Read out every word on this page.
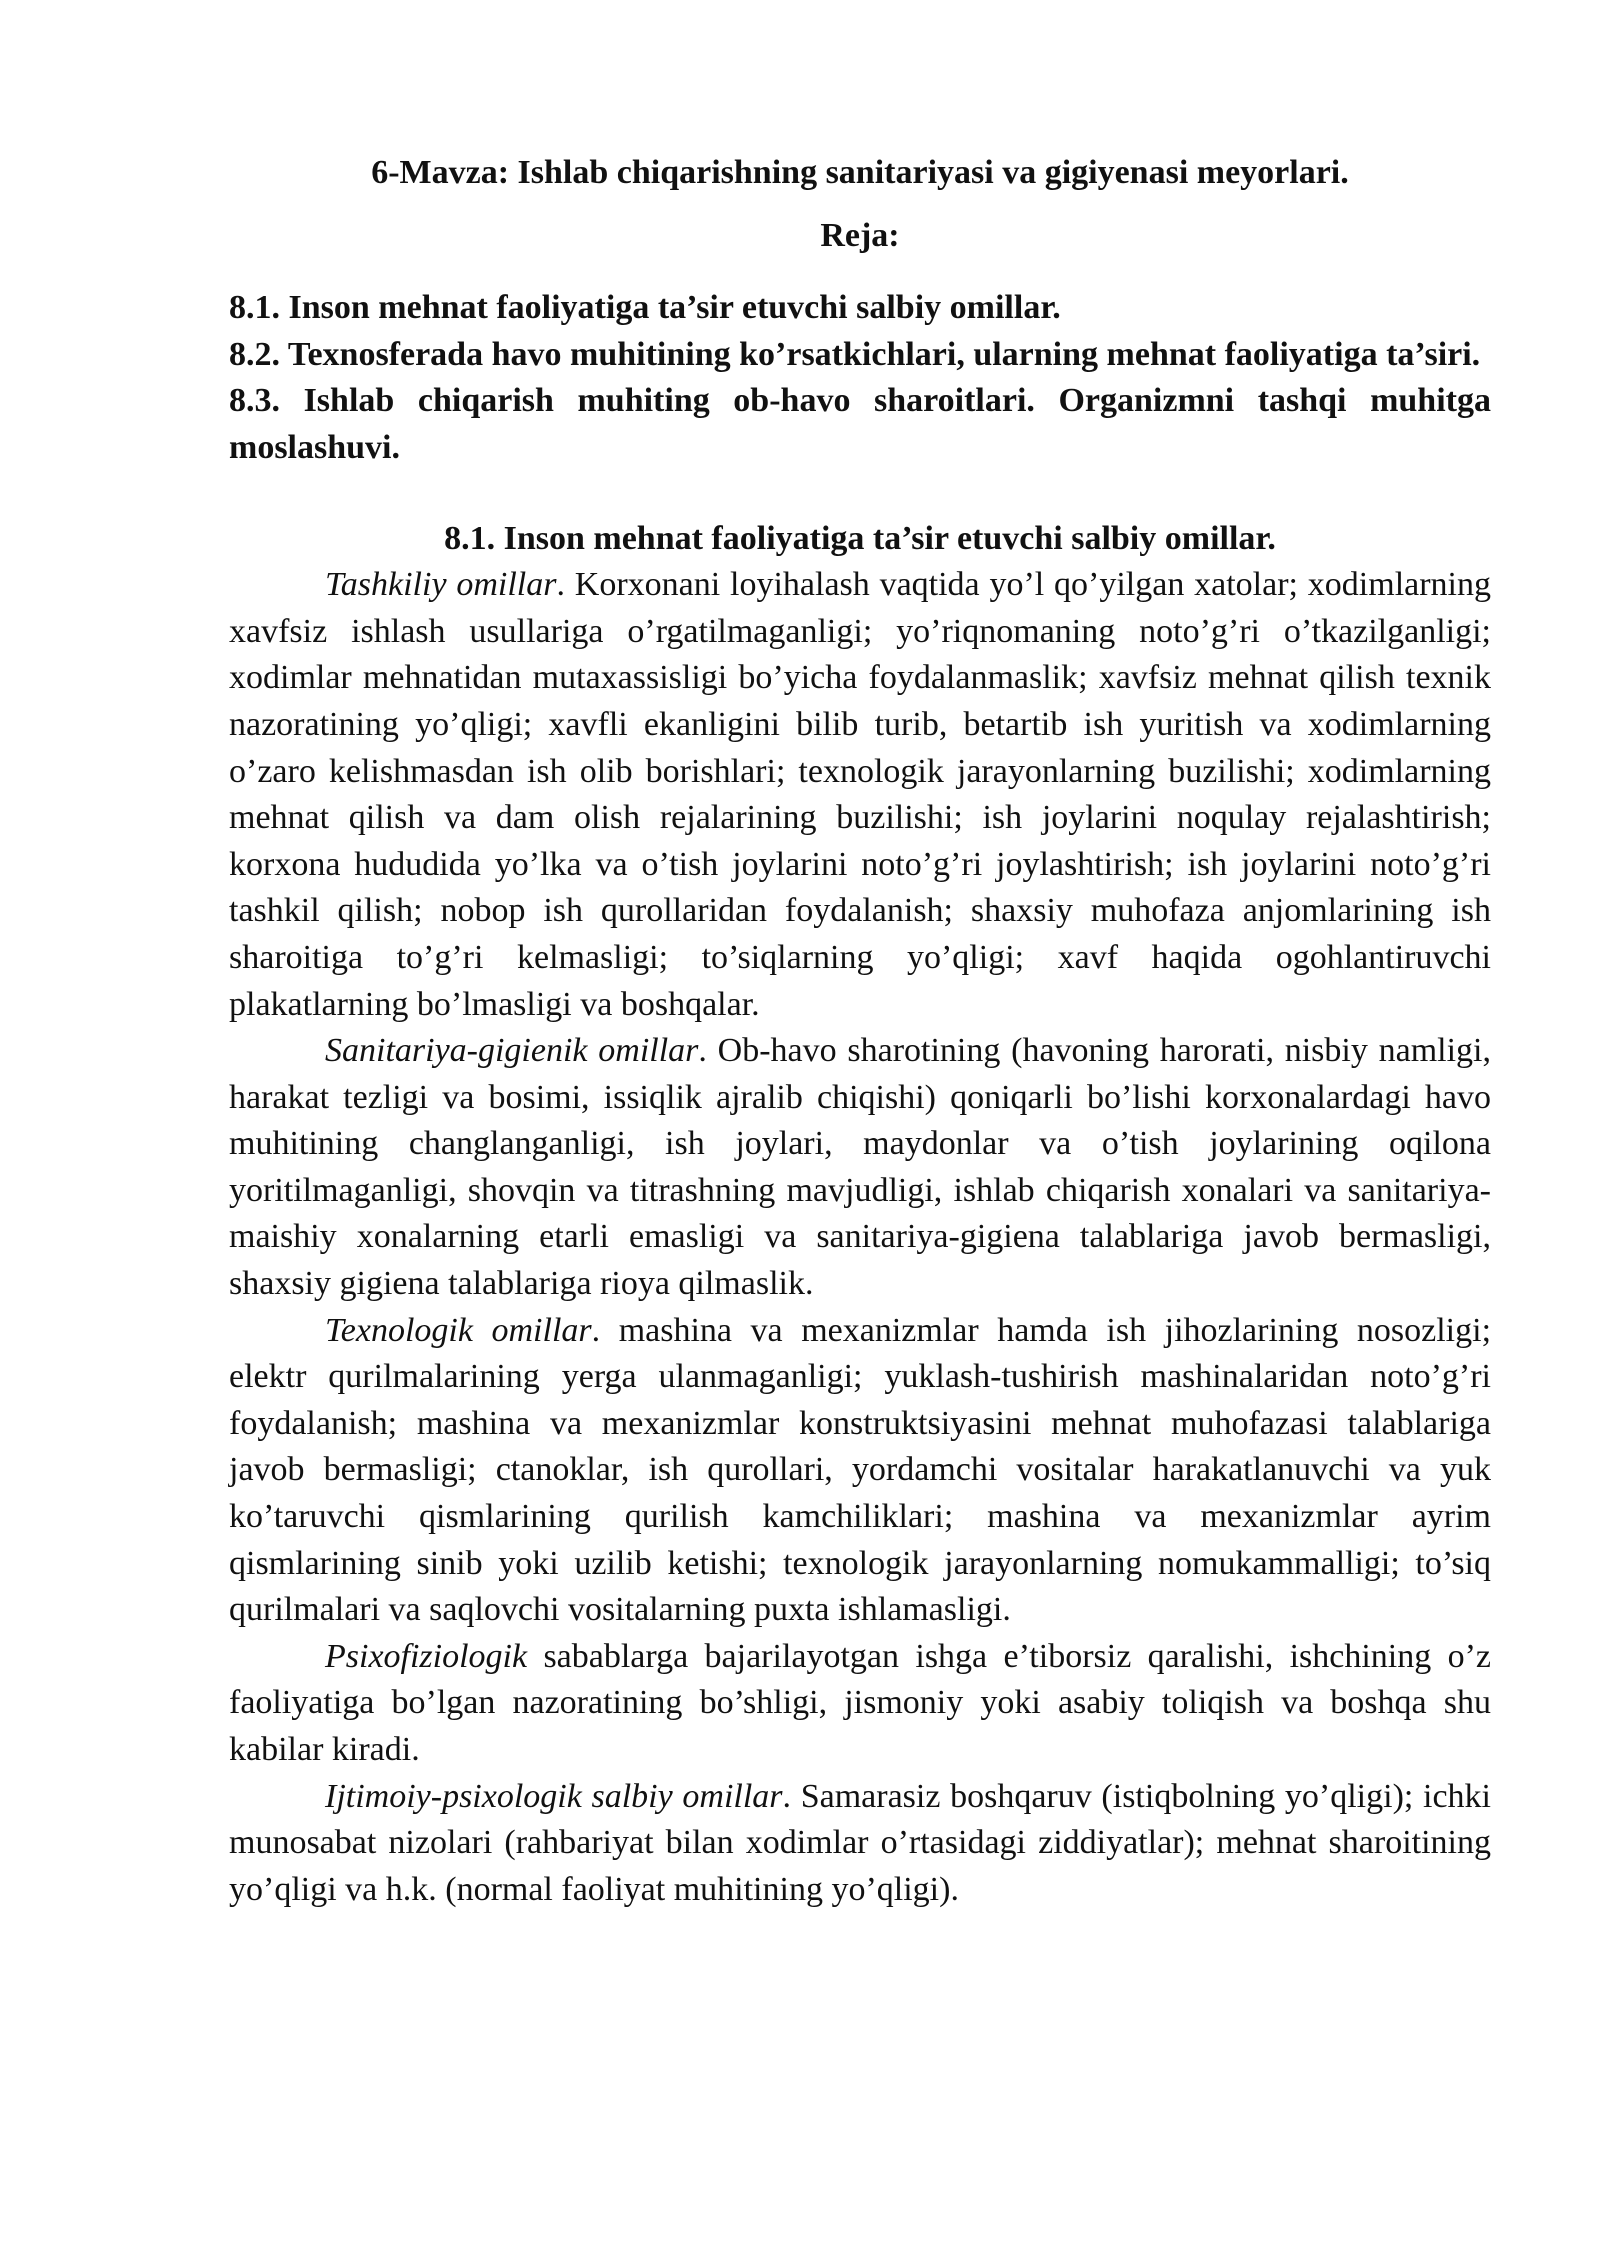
6-Mavza: Ishlab chiqarishning sanitariyasi va gigiyenasi meyorlari.
Reja:
8.1. Inson mehnat faoliyatiga ta’sir etuvchi salbiy omillar.
8.2. Texnosferada havo muhitining ko’rsatkichlari, ularning mehnat faoliyatiga ta’siri.
8.3. Ishlab chiqarish muhiting ob-havo sharoitlari. Organizmni tashqi muhitga moslashuvi.
8.1. Inson mehnat faoliyatiga ta’sir etuvchi salbiy omillar.

Tashkiliy omillar. Korxonani loyihalash vaqtida yo’l qo’yilgan xatolar; xodimlarning xavfsiz ishlash usullariga o’rgatilmaganligi; yo’riqnomaning noto’g’ri o’tkazilganligi; xodimlar mehnatidan mutaxassisligi bo’yicha foydalanmaslik; xavfsiz mehnat qilish texnik nazoratining yo’qligi; xavfli ekanligini bilib turib, betartib ish yuritish va xodimlarning o’zaro kelishmasdan ish olib borishlari; texnologik jarayonlarning buzilishi; xodimlarning mehnat qilish va dam olish rejalarining buzilishi; ish joylarini noqulay rejalashtirish; korxona hududida yo’lka va o’tish joylarini noto’g’ri joylashtirish; ish joylarini noto’g’ri tashkil qilish; nobop ish qurollaridan foydalanish; shaxsiy muhofaza anjomlarining ish sharoitiga to’g’ri kelmasligi; to’siqlarning yo’qligi; xavf haqida ogohlantiruvchi plakatlarning bo’lmasligi va boshqalar.

Sanitariya-gigienik omillar. Ob-havo sharotining (havoning harorati, nisbiy namligi, harakat tezligi va bosimi, issiqlik ajralib chiqishi) qoniqarli bo’lishi korxonalardagi havo muhitining changlanganligi, ish joylari, maydonlar va o’tish joylarining oqilona yoritilmaganligi, shovqin va titrashning mavjudligi, ishlab chiqarish xonalari va sanitariya-maishiy xonalarning etarli emasligi va sanitariya-gigiena talablariga javob bermasligi, shaxsiy gigiena talablariga rioya qilmaslik.

Texnologik omillar. mashina va mexanizmlar hamda ish jihozlarining nosozligi; elektr qurilmalarining yerga ulanmaganligi; yuklash-tushirish mashinalaridan noto’g’ri foydalanish; mashina va mexanizmlar konstruktsiyasini mehnat muhofazasi talablariga javob bermasligi; ctanoklar, ish qurollari, yordamchi vositalar harakatlanuvchi va yuk ko’taruvchi qismlarining qurilish kamchiliklari; mashina va mexanizmlar ayrim qismlarining sinib yoki uzilib ketishi; texnologik jarayonlarning nomukammalligi; to’siq qurilmalari va saqlovchi vositalarning puxta ishlamasligi.

Psixofiziologik sabablarga bajarilayotgan ishga e’tiborsiz qaralishi, ishchining o’z faoliyatiga bo’lgan nazoratining bo’shligi, jismoniy yoki asabiy toliqish va boshqa shu kabilar kiradi.

Ijtimoiy-psixologik salbiy omillar. Samarasiz boshqaruv (istiqbolning yo’qligi); ichki munosabat nizolari (rahbariyat bilan xodimlar o’rtasidagi ziddiyatlar); mehnat sharoitining yo’qligi va h.k. (normal faoliyat muhitining yo’qligi).
